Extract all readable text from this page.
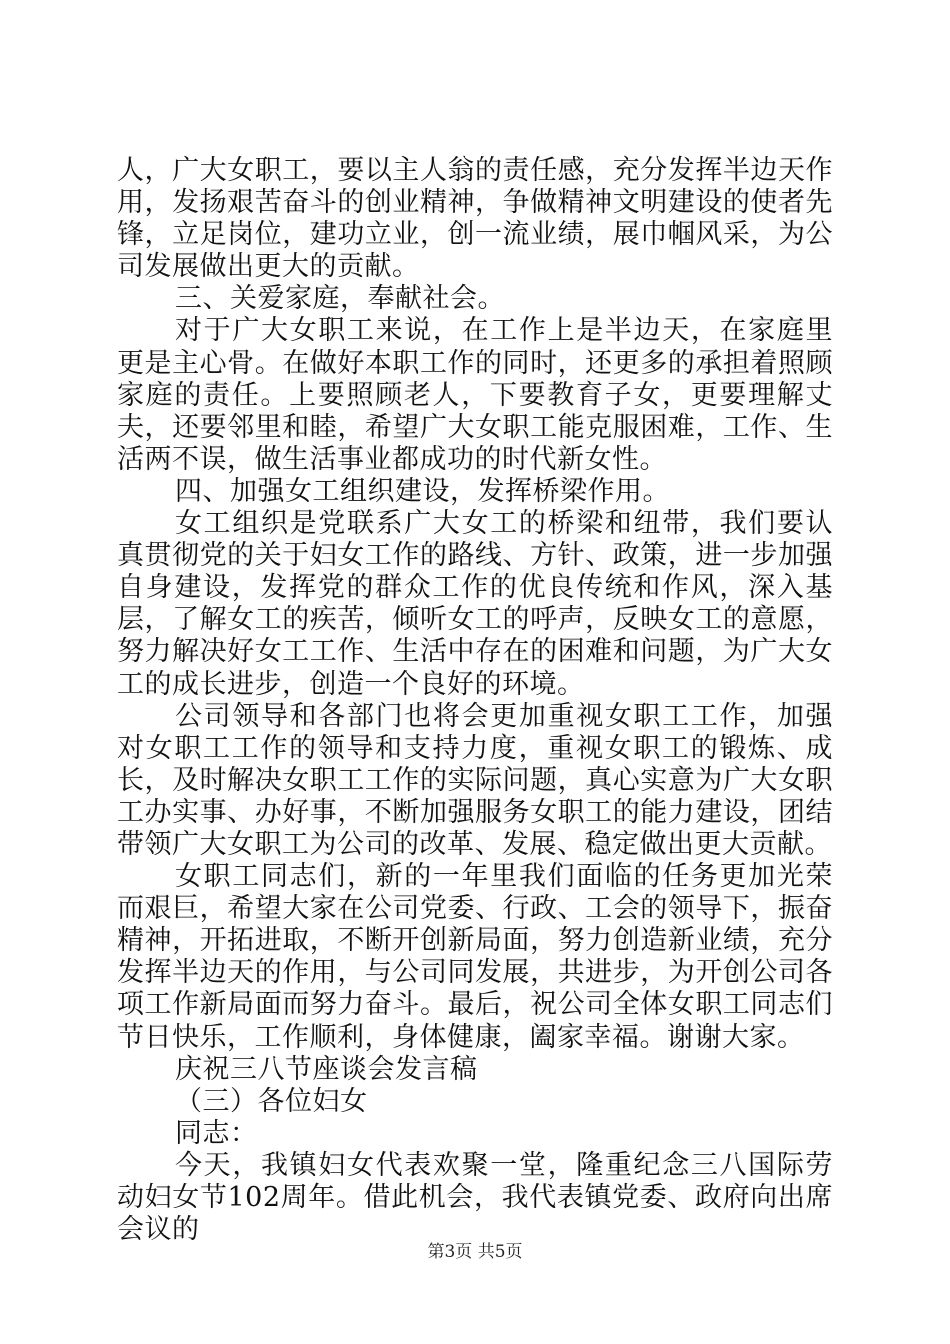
人，广大女职工，要以主人翁的责任感，充分发挥半边天作用，发扬艰苦奋斗的创业精神，争做精神文明建设的使者先锋，立足岗位，建功立业，创一流业绩，展巾帼风采，为公司发展做出更大的贡献。

三、关爱家庭，奉献社会。

对于广大女职工来说，在工作上是半边天，在家庭里更是主心骨。在做好本职工作的同时，还更多的承担着照顾家庭的责任。上要照顾老人，下要教育子女，更要理解丈夫，还要邻里和睦，希望广大女职工能克服困难，工作、生活两不误，做生活事业都成功的时代新女性。

四、加强女工组织建设，发挥桥梁作用。

女工组织是党联系广大女工的桥梁和纽带，我们要认真贯彻党的关于妇女工作的路线、方针、政策，进一步加强自身建设，发挥党的群众工作的优良传统和作风，深入基层，了解女工的疾苦，倾听女工的呼声，反映女工的意愿，努力解决好女工工作、生活中存在的困难和问题，为广大女工的成长进步，创造一个良好的环境。

公司领导和各部门也将会更加重视女职工工作，加强对女职工工作的领导和支持力度，重视女职工的锻炼、成长，及时解决女职工工作的实际问题，真心实意为广大女职工办实事、办好事，不断加强服务女职工的能力建设，团结带领广大女职工为公司的改革、发展、稳定做出更大贡献。

女职工同志们，新的一年里我们面临的任务更加光荣而艰巨，希望大家在公司党委、行政、工会的领导下，振奋精神，开拓进取，不断开创新局面，努力创造新业绩，充分发挥半边天的作用，与公司同发展，共进步，为开创公司各项工作新局面而努力奋斗。最后，祝公司全体女职工同志们节日快乐，工作顺利，身体健康，阖家幸福。谢谢大家。

庆祝三八节座谈会发言稿

（三）各位妇女

同志：

今天，我镇妇女代表欢聚一堂，隆重纪念三八国际劳动妇女节102周年。借此机会，我代表镇党委、政府向出席会议的

第3页 共5页
